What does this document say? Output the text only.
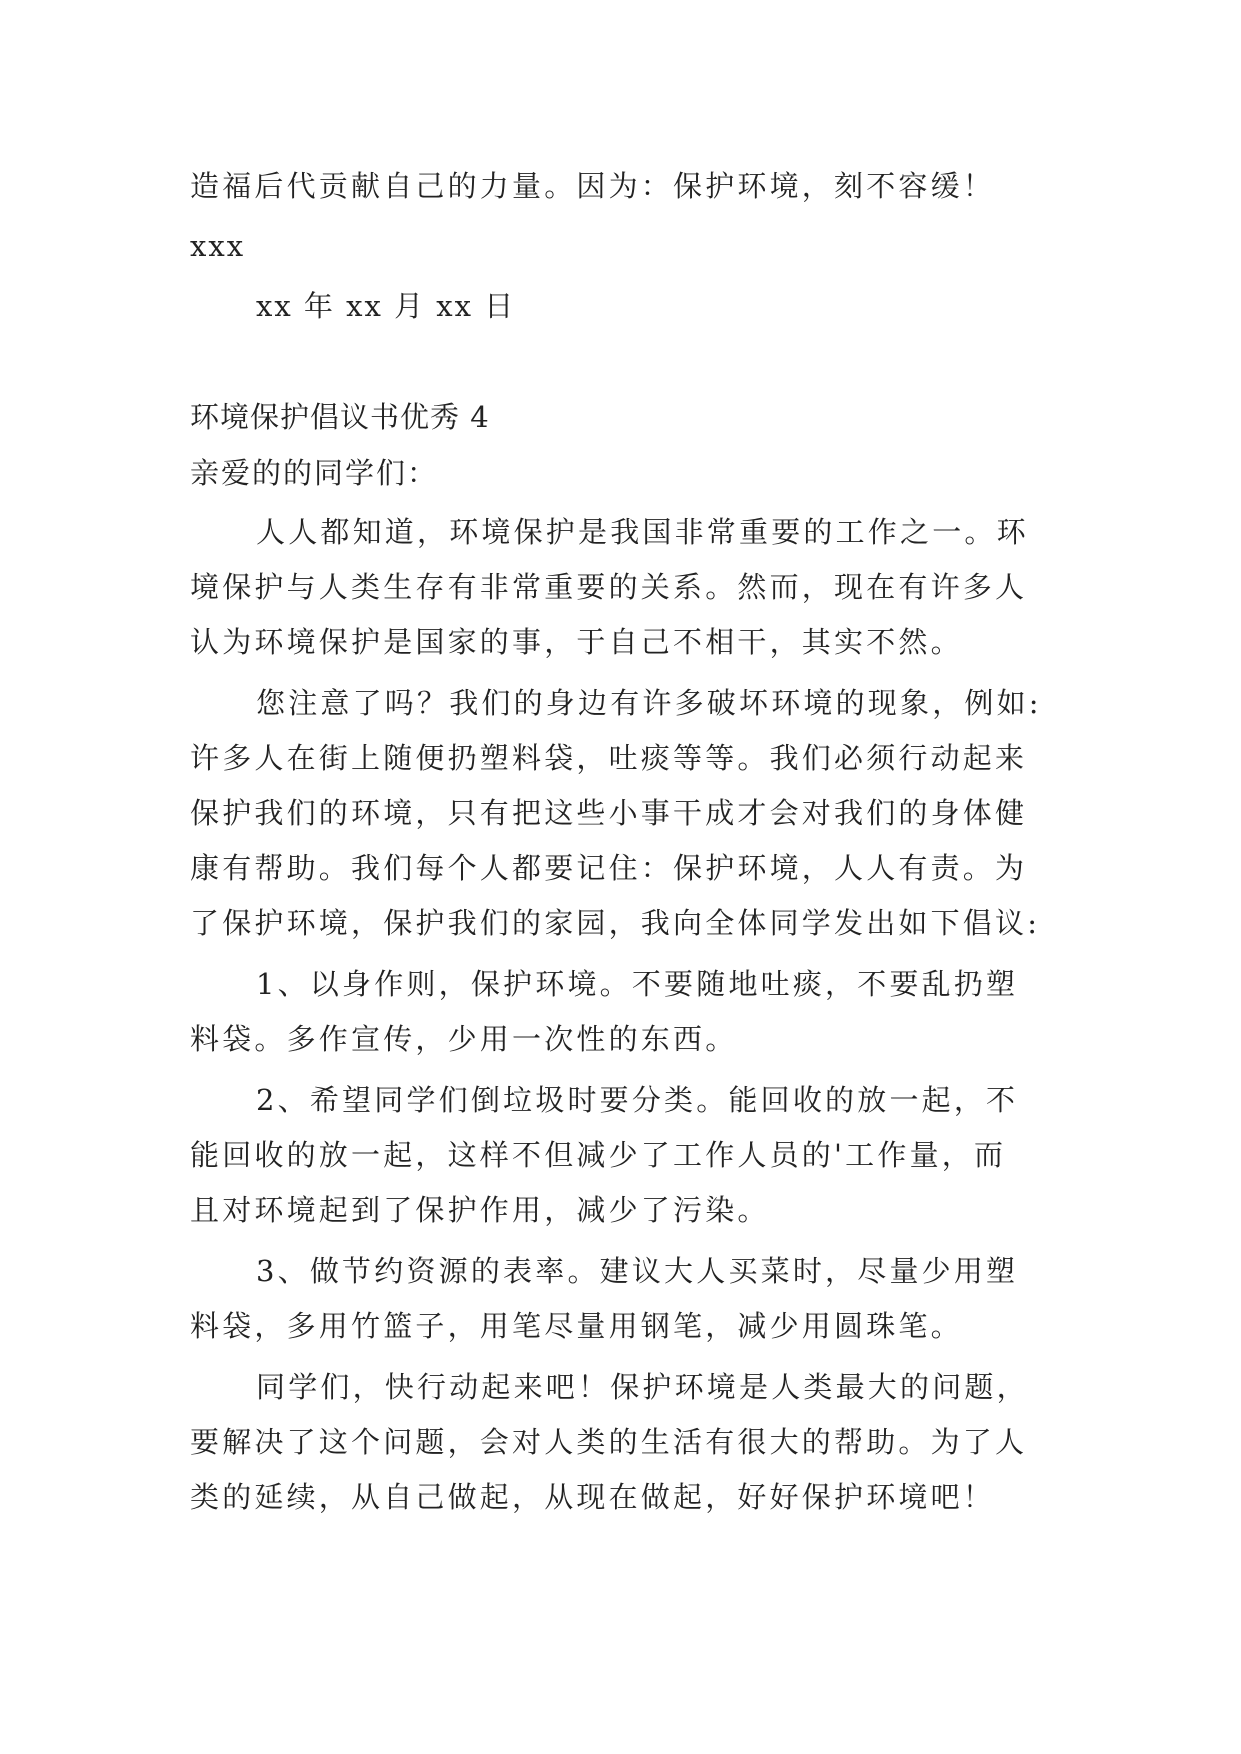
造福后代贡献自己的力量。因为：保护环境，刻不容缓！
xxx
xx 年 xx 月 xx 日
环境保护倡议书优秀 4
亲爱的的同学们：
人人都知道，环境保护是我国非常重要的工作之一。环
境保护与人类生存有非常重要的关系。然而，现在有许多人
认为环境保护是国家的事，于自己不相干，其实不然。
您注意了吗？我们的身边有许多破坏环境的现象，例如:
许多人在街上随便扔塑料袋，吐痰等等。我们必须行动起来
保护我们的环境，只有把这些小事干成才会对我们的身体健
康有帮助。我们每个人都要记住：保护环境，人人有责。为
了保护环境，保护我们的家园，我向全体同学发出如下倡议:
1、以身作则，保护环境。不要随地吐痰，不要乱扔塑
料袋。多作宣传，少用一次性的东西。
2、希望同学们倒垃圾时要分类。能回收的放一起，不
能回收的放一起，这样不但减少了工作人员的'工作量，而
且对环境起到了保护作用，减少了污染。
3、做节约资源的表率。建议大人买菜时，尽量少用塑
料袋，多用竹篮子，用笔尽量用钢笔，减少用圆珠笔。
同学们，快行动起来吧！保护环境是人类最大的问题，
要解决了这个问题，会对人类的生活有很大的帮助。为了人
类的延续，从自己做起，从现在做起，好好保护环境吧！
